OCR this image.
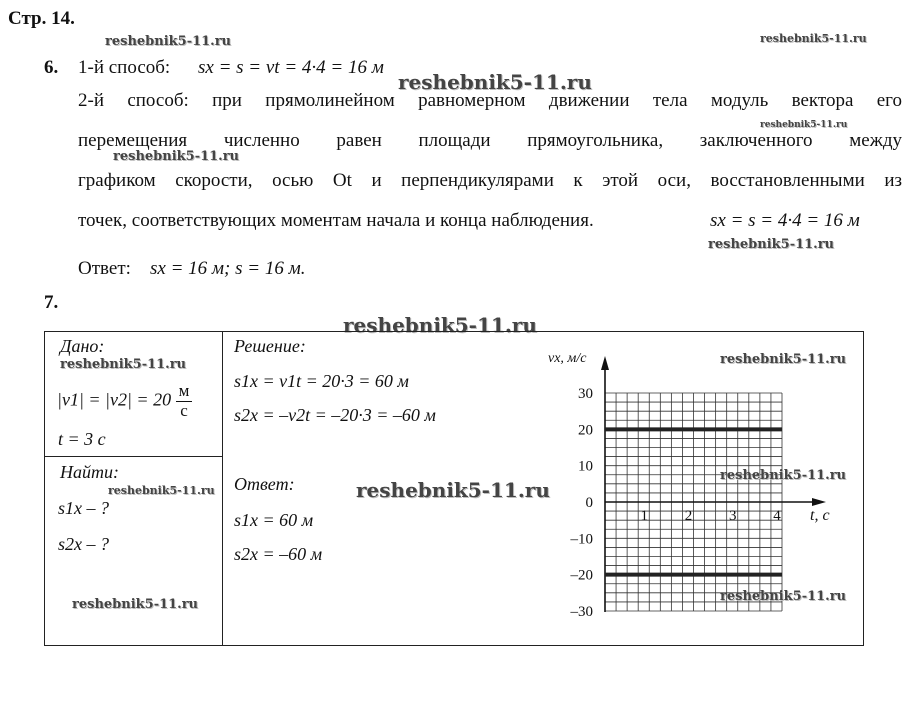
Стр. 14.
reshebnik5-11.ru	reshebnik5-11.ru
reshebnik5-11.ru
reshebnik5-11.ru
reshebnik5-11.ru
reshebnik5-11.ru
reshebnik5-11.ru
6. 1-й способ: sx = s = vt = 4·4 = 16 м
2-й способ: при прямолинейном равномерном движении тела модуль вектора его
перемещения численно равен площади прямоугольника, заключенного между
графиком скорости, осью Ot и перпендикулярами к этой оси, восстановленными из
точек, соответствующих моментам начала и конца наблюдения.	sx = s = 4·4 = 16 м
Ответ: sx = 16 м; s = 16 м.
7.
Дано:
reshebnik5-11.ru
$|v1| = |v2| = 20 \frac{м}{с}$
t = 3 с
Найти:
reshebnik5-11.ru
s1x – ?
s2x – ?
reshebnik5-11.ru
Решение:
s1x = v1t = 20·3 = 60 м
s2x = –v2t = –20·3 = –60 м
Ответ:	reshebnik5-11.ru
s1x = 60 м
s2x = –60 м
30
20
10
0
–10
–20
–30
1 2 3 4
vx, м/с
t, с
reshebnik5-11.ru
reshebnik5-11.ru
reshebnik5-11.ru
